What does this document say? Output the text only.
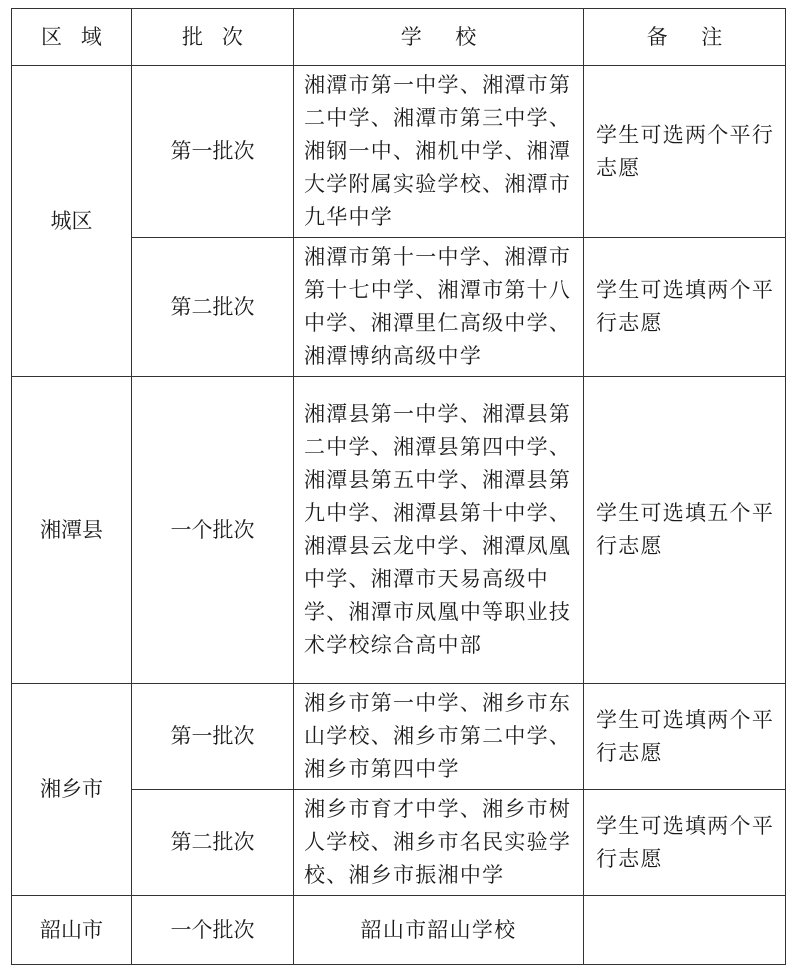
区域	批次	学校	备注
城区	第一批次	湘潭市第一中学、湘潭市第二中学、湘潭市第三中学、湘钢一中、湘机中学、湘潭大学附属实验学校、湘潭市九华中学	学生可选两个平行志愿
	第二批次	湘潭市第十一中学、湘潭市第十七中学、湘潭市第十八中学、湘潭里仁高级中学、湘潭博纳高级中学	学生可选填两个平行志愿
湘潭县	一个批次	湘潭县第一中学、湘潭县第二中学、湘潭县第四中学、湘潭县第五中学、湘潭县第九中学、湘潭县第十中学、湘潭县云龙中学、湘潭凤凰中学、湘潭市天易高级中学、湘潭市凤凰中等职业技术学校综合高中部	学生可选填五个平行志愿
湘乡市	第一批次	湘乡市第一中学、湘乡市东山学校、湘乡市第二中学、湘乡市第四中学	学生可选填两个平行志愿
	第二批次	湘乡市育才中学、湘乡市树人学校、湘乡市名民实验学校、湘乡市振湘中学	学生可选填两个平行志愿
韶山市	一个批次	韶山市韶山学校	
